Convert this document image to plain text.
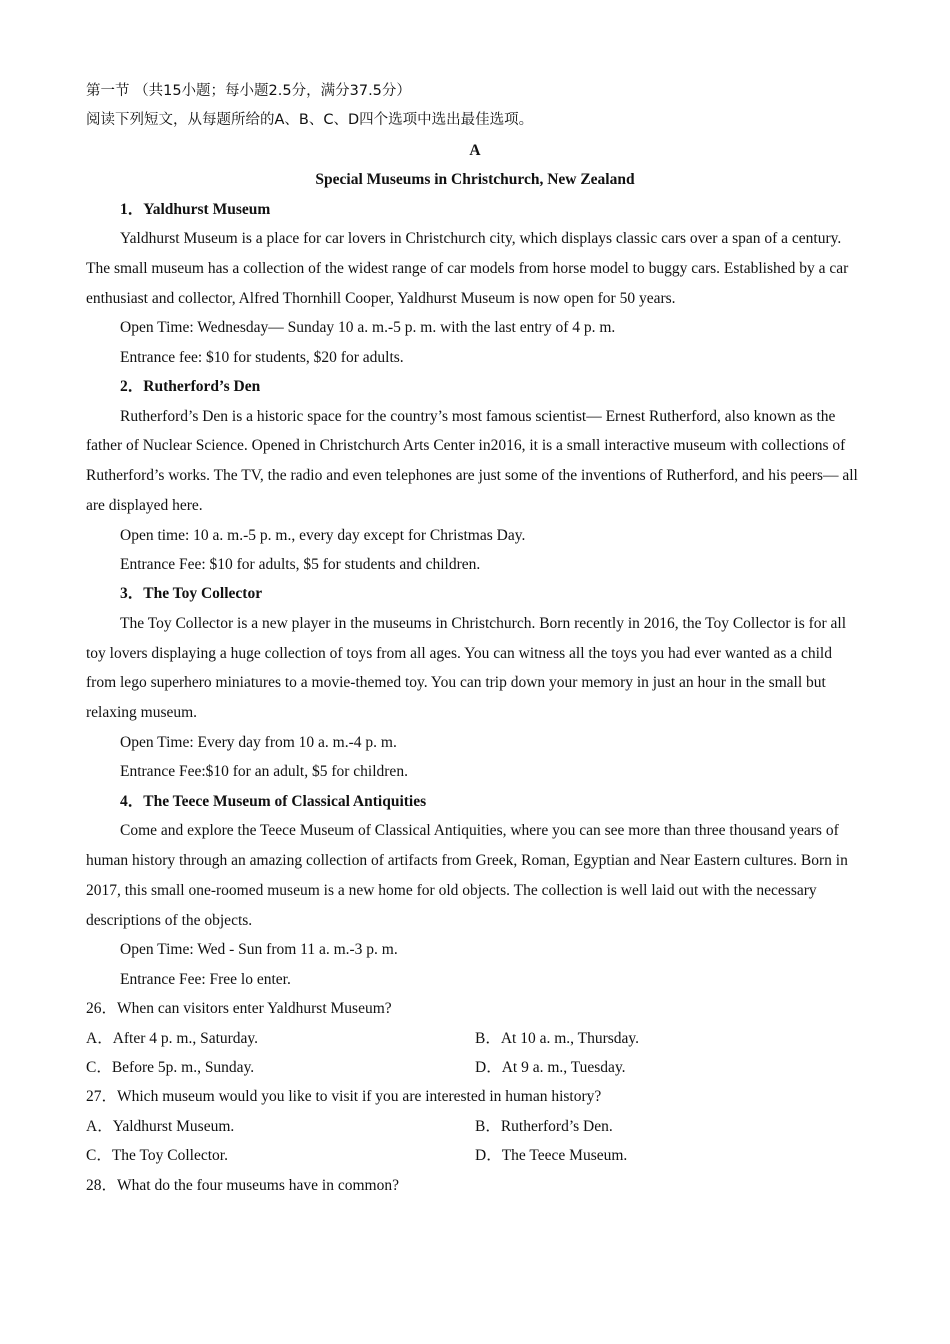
第一节 （共15小题；每小题2.5分，满分37.5分）
阅读下列短文，从每题所给的A、B、C、D四个选项中选出最佳选项。
A
Special Museums in Christchurch, New Zealand
1．Yaldhurst Museum

Yaldhurst Museum is a place for car lovers in Christchurch city, which displays classic cars over a span of a century. The small museum has a collection of the widest range of car models from horse model to buggy cars. Established by a car enthusiast and collector, Alfred Thornhill Cooper, Yaldhurst Museum is now open for 50 years.

Open Time: Wednesday— Sunday 10 a. m.-5 p. m. with the last entry of 4 p. m.
Entrance fee: $10 for students, $20 for adults.
2．Rutherford’s Den

Rutherford’s Den is a historic space for the country’s most famous scientist— Ernest Rutherford, also known as the father of Nuclear Science. Opened in Christchurch Arts Center in2016, it is a small interactive museum with collections of Rutherford’s works. The TV, the radio and even telephones are just some of the inventions of Rutherford, and his peers— all are displayed here.

Open time: 10 a. m.-5 p. m., every day except for Christmas Day.
Entrance Fee: $10 for adults, $5 for students and children.
3．The Toy Collector

The Toy Collector is a new player in the museums in Christchurch. Born recently in 2016, the Toy Collector is for all toy lovers displaying a huge collection of toys from all ages. You can witness all the toys you had ever wanted as a child from lego superhero miniatures to a movie-themed toy. You can trip down your memory in just an hour in the small but relaxing museum.

Open Time: Every day from 10 a. m.-4 p. m.
Entrance Fee:$10 for an adult, $5 for children.
4．The Teece Museum of Classical Antiquities

Come and explore the Teece Museum of Classical Antiquities, where you can see more than three thousand years of human history through an amazing collection of artifacts from Greek, Roman, Egyptian and Near Eastern cultures. Born in 2017, this small one-roomed museum is a new home for old objects. The collection is well laid out with the necessary descriptions of the objects.

Open Time: Wed - Sun from 11 a. m.-3 p. m.
Entrance Fee: Free lo enter.
26．When can visitors enter Yaldhurst Museum?
A．After 4 p. m., Saturday.	B．At 10 a. m., Thursday.
C．Before 5p. m., Sunday.	D．At 9 a. m., Tuesday.
27．Which museum would you like to visit if you are interested in human history?
A．Yaldhurst Museum.	B．Rutherford’s Den.
C．The Toy Collector.	D．The Teece Museum.
28．What do the four museums have in common?
